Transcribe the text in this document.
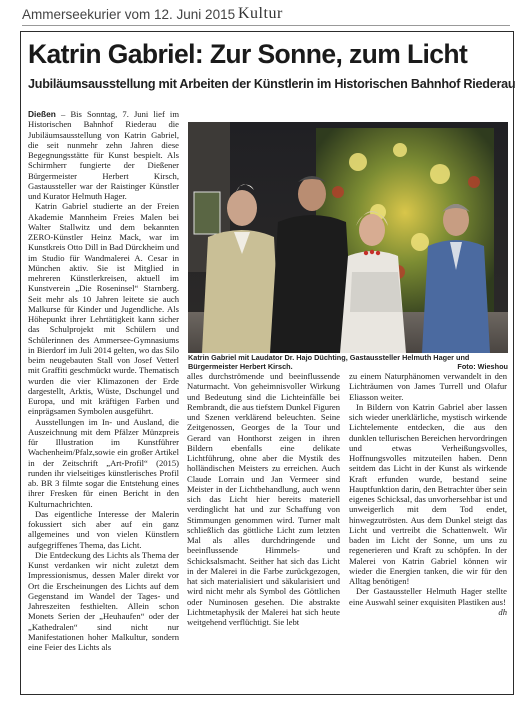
Ammerseekurier vom 12. Juni 2015 Kultur
Katrin Gabriel: Zur Sonne, zum Licht
Jubiläumsausstellung mit Arbeiten der Künstlerin im Historischen Bahnhof Riederau

Dießen – Bis Sonntag, 7. Juni lief im Historischen Bahnhof Riederau die Jubiläumsausstellung von Katrin Gabriel, die seit nunmehr zehn Jahren diese Begegnungsstätte für Kunst bespielt. Als Schirmherr fungierte der Dießener Bürgermeister Herbert Kirsch, Gastaussteller war der Raistinger Künstler und Kurator Helmuth Hager.

Katrin Gabriel studierte an der Freien Akademie Mannheim Freies Malen bei Walter Stallwitz und dem bekannten ZERO-Künstler Heinz Mack, war im Kunstkreis Otto Dill in Bad Dürckheim und im Studio für Wandmalerei A. Cesar in München aktiv. Sie ist Mitglied in mehreren Künstlerkreisen, aktuell im Kunstverein „Die Roseninsel“ Starnberg. Seit mehr als 10 Jahren leitete sie auch Malkurse für Kinder und Jugendliche. Als Höhepunkt ihrer Lehrtätigkeit kann sicher das Schulprojekt mit Schülern und Schülerinnen des Ammersee-Gymnasiums in Bierdorf im Juli 2014 gelten, wo das Silo beim neugebauten Stall von Josef Vetterl mit Graffiti geschmückt wurde. Thematisch wurden die vier Klimazonen der Erde dargestellt, Arktis, Wüste, Dschungel und Europa, und mit kräftigen Farben und einprägsamen Symbolen ausgeführt.

Ausstellungen im In- und Ausland, die Auszeichnung mit dem Pfälzer Münzpreis für Illustration im Kunstführer Wachenheim/Pfalz,sowie ein großer Artikel in der Zeitschrift „Art-Profil“ (2015) runden ihr vielseitiges künstlerisches Profil ab. BR 3 filmte sogar die Entstehung eines ihrer Fresken für einen Bericht in den Kulturnachrichten.

Das eigentliche Interesse der Malerin fokussiert sich aber auf ein ganz allgemeines und von vielen Künstlern aufgegriffenes Thema, das Licht.

Die Entdeckung des Lichts als Thema der Kunst verdanken wir nicht zuletzt dem Impressionismus, dessen Maler direkt vor Ort die Erscheinungen des Lichts auf dem Gegenstand im Wandel der Tages- und Jahreszeiten festhielten. Allein schon Monets Serien der „Heuhaufen“ oder der „Kathedralen“ sind nicht nur Manifestationen hoher Malkultur, sondern eine Feier des Lichts als

Katrin Gabriel mit Laudator Dr. Hajo Düchting, Gastaussteller Helmuth Hager und Bürgermeister Herbert Kirsch.	Foto: Wieshou

alles durchströmende und beeinflussende Naturmacht. Von geheimnisvoller Wirkung und Bedeutung sind die Lichteinfälle bei Rembrandt, die aus tiefstem Dunkel Figuren und Szenen verklärend beleuchten. Seine Zeitgenossen, Georges de la Tour und Gerard van Honthorst zeigen in ihren Bildern ebenfalls eine delikate Lichtführung, ohne aber die Mystik des holländischen Meisters zu erreichen. Auch Claude Lorrain und Jan Vermeer sind Meister in der Lichtbehandlung, auch wenn sich das Licht hier bereits materiell verdinglicht hat und zur Schaffung von Stimmungen genommen wird. Turner malt schließlich das göttliche Licht zum letzten Mal als alles durchdringende und beeinflussende Himmels- und Schicksalsmacht. Seither hat sich das Licht in der Malerei in die Farbe zurückgezogen, hat sich materialisiert und säkularisiert und wird nicht mehr als Symbol des Göttlichen oder Numinosen gesehen. Die abstrakte Lichtmetaphysik der Malerei hat sich heute weitgehend verflüchtigt. Sie lebt

zu einem Naturphänomen verwandelt in den Lichträumen von James Turrell und Olafur Eliasson weiter.

In Bildern von Katrin Gabriel aber lassen sich wieder unerklärliche, mystisch wirkende Lichtelemente entdecken, die aus den dunklen tellurischen Bereichen hervordringen und etwas Verheißungsvolles, Hoffnungsvolles mitzuteilen haben. Denn seitdem das Licht in der Kunst als wirkende Kraft erfunden wurde, bestand seine Hauptfunktion darin, den Betrachter über sein eigenes Schicksal, das unvorhersehbar ist und unweigerlich mit dem Tod endet, hinwegzutrösten. Aus dem Dunkel steigt das Licht und vertreibt die Schattenwelt. Wir baden im Licht der Sonne, um uns zu regenerieren und Kraft zu schöpfen. In der Malerei von Katrin Gabriel können wir wieder die Energien tanken, die wir für den Alltag benötigen!

Der Gastaussteller Helmuth Hager stellte eine Auswahl seiner exquisiten Plastiken aus!
dh
